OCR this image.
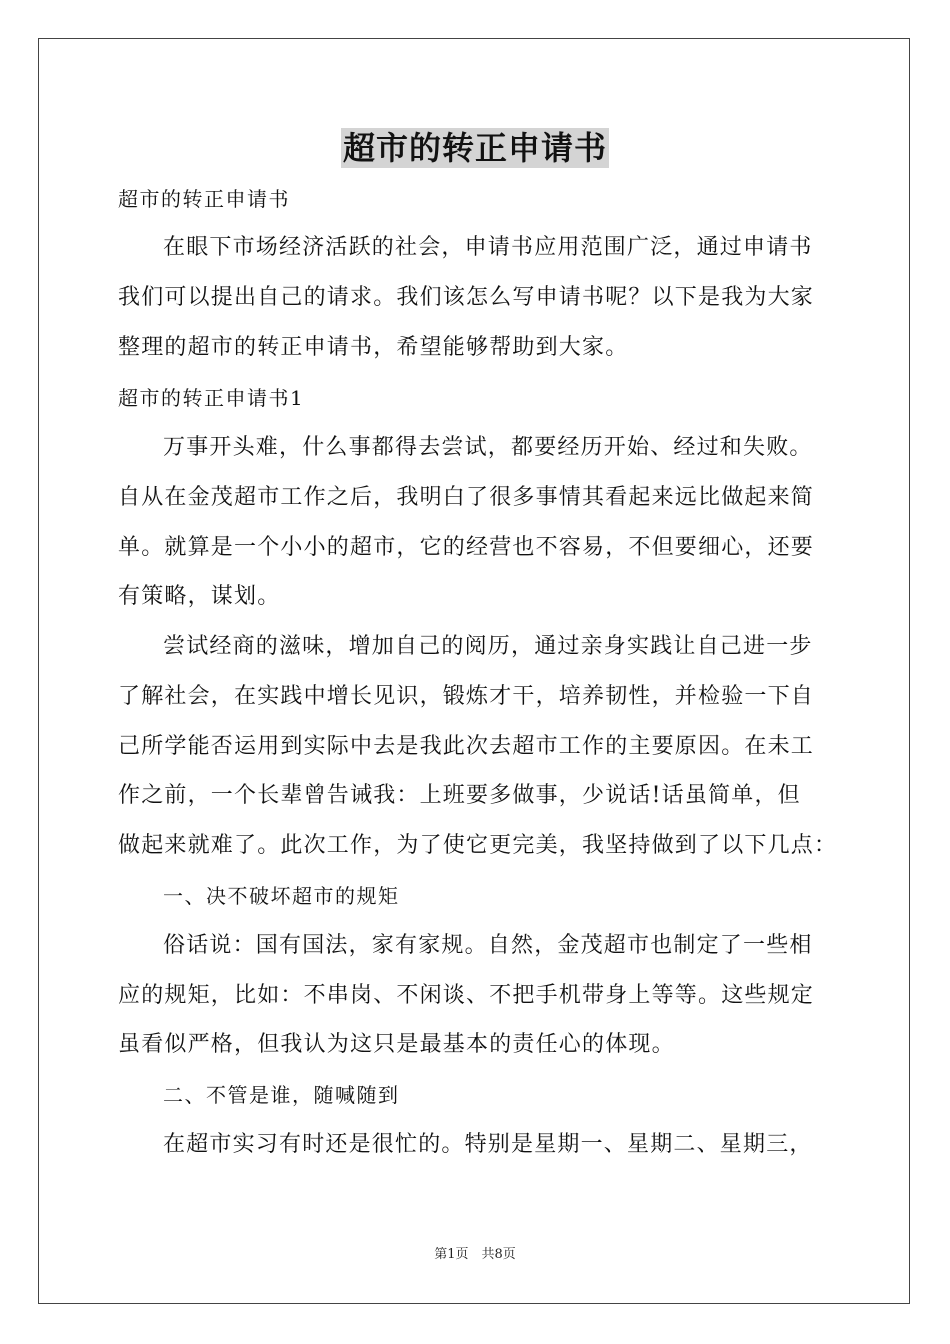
超市的转正申请书
超市的转正申请书
在眼下市场经济活跃的社会，申请书应用范围广泛，通过申请书
我们可以提出自己的请求。我们该怎么写申请书呢？以下是我为大家
整理的超市的转正申请书，希望能够帮助到大家。
超市的转正申请书1
万事开头难，什么事都得去尝试，都要经历开始、经过和失败。
自从在金茂超市工作之后，我明白了很多事情其看起来远比做起来简
单。就算是一个小小的超市，它的经营也不容易，不但要细心，还要
有策略，谋划。
尝试经商的滋味，增加自己的阅历，通过亲身实践让自己进一步
了解社会，在实践中增长见识，锻炼才干，培养韧性，并检验一下自
己所学能否运用到实际中去是我此次去超市工作的主要原因。在未工
作之前，一个长辈曾告诫我：上班要多做事，少说话!话虽简单，但
做起来就难了。此次工作，为了使它更完美，我坚持做到了以下几点：
一、决不破坏超市的规矩
俗话说：国有国法，家有家规。自然，金茂超市也制定了一些相
应的规矩，比如：不串岗、不闲谈、不把手机带身上等等。这些规定
虽看似严格，但我认为这只是最基本的责任心的体现。
二、不管是谁，随喊随到
在超市实习有时还是很忙的。特别是星期一、星期二、星期三，
第1页　共8页
